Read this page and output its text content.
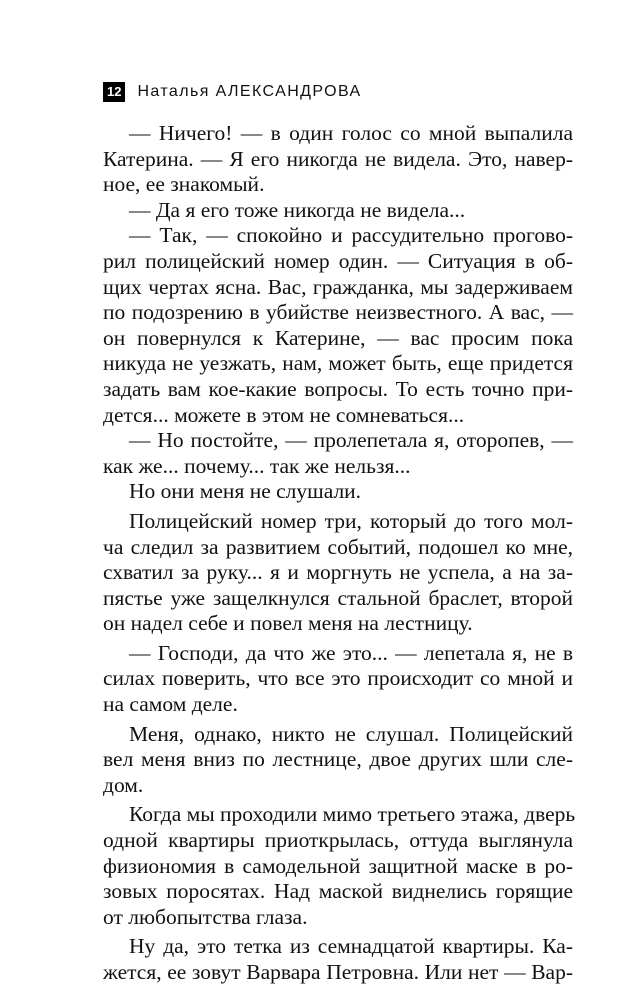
12 Наталья АЛЕКСАНДРОВА
— Ничего! — в один голос со мной выпалила
Катерина. — Я его никогда не видела. Это, навер-
ное, ее знакомый.
— Да я его тоже никогда не видела...
— Так, — спокойно и рассудительно прогово-
рил полицейский номер один. — Ситуация в об-
щих чертах ясна. Вас, гражданка, мы задерживаем
по подозрению в убийстве неизвестного. А вас, —
он повернулся к Катерине, — вас просим пока
никуда не уезжать, нам, может быть, еще придется
задать вам кое-какие вопросы. То есть точно при-
дется... можете в этом не сомневаться...
— Но постойте, — пролепетала я, оторопев, —
как же... почему... так же нельзя...
Но они меня не слушали.
Полицейский номер три, который до того мол-
ча следил за развитием событий, подошел ко мне,
схватил за руку... я и моргнуть не успела, а на за-
пястье уже защелкнулся стальной браслет, второй
он надел себе и повел меня на лестницу.
— Господи, да что же это... — лепетала я, не в
силах поверить, что все это происходит со мной и
на самом деле.
Меня, однако, никто не слушал. Полицейский
вел меня вниз по лестнице, двое других шли сле-
дом.
Когда мы проходили мимо третьего этажа, дверь
одной квартиры приоткрылась, оттуда выглянула
физиономия в самодельной защитной маске в ро-
зовых поросятах. Над маской виднелись горящие
от любопытства глаза.
Ну да, это тетка из семнадцатой квартиры. Ка-
жется, ее зовут Варвара Петровна. Или нет — Вар-
